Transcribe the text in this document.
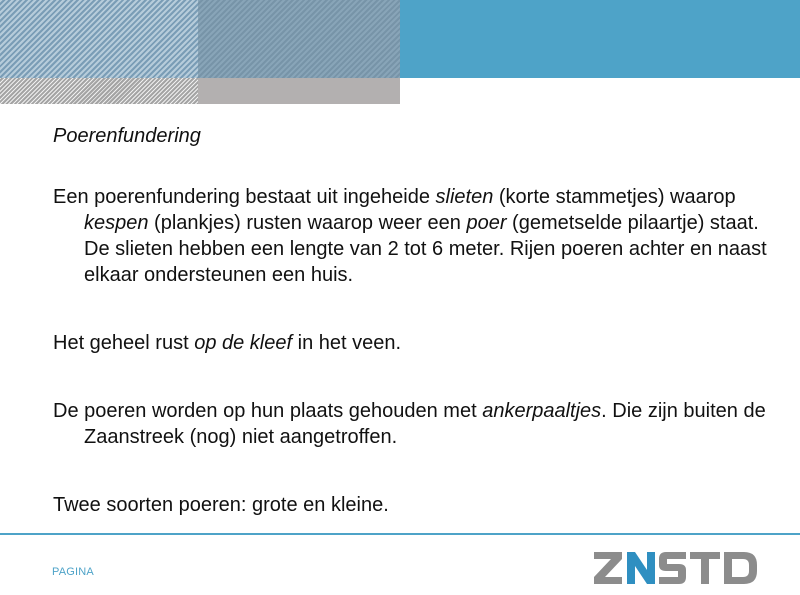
Poerenfundering

Een poerenfundering bestaat uit ingeheide slieten (korte stammetjes) waarop kespen (plankjes) rusten waarop weer een poer (gemetselde pilaartje) staat. De slieten hebben een lengte van 2 tot 6 meter. Rijen poeren achter en naast elkaar ondersteunen een huis.

Het geheel rust op de kleef in het veen.

De poeren worden op hun plaats gehouden met ankerpaaltjes. Die zijn buiten de Zaanstreek (nog) niet aangetroffen.

Twee soorten poeren: grote en kleine.

PAGINA
